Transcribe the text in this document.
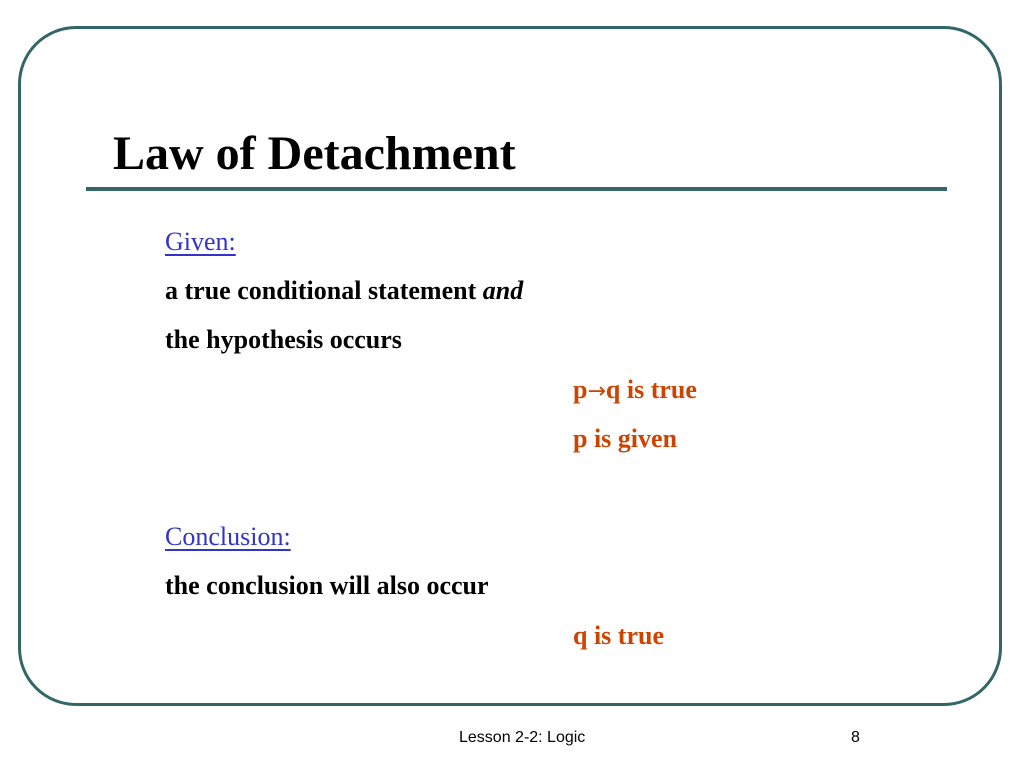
Law of Detachment

Given:

a true conditional statement and

the hypothesis occurs

p→q is true

p is given

Conclusion:

the conclusion will also occur

q is true

Lesson 2-2: Logic	8
